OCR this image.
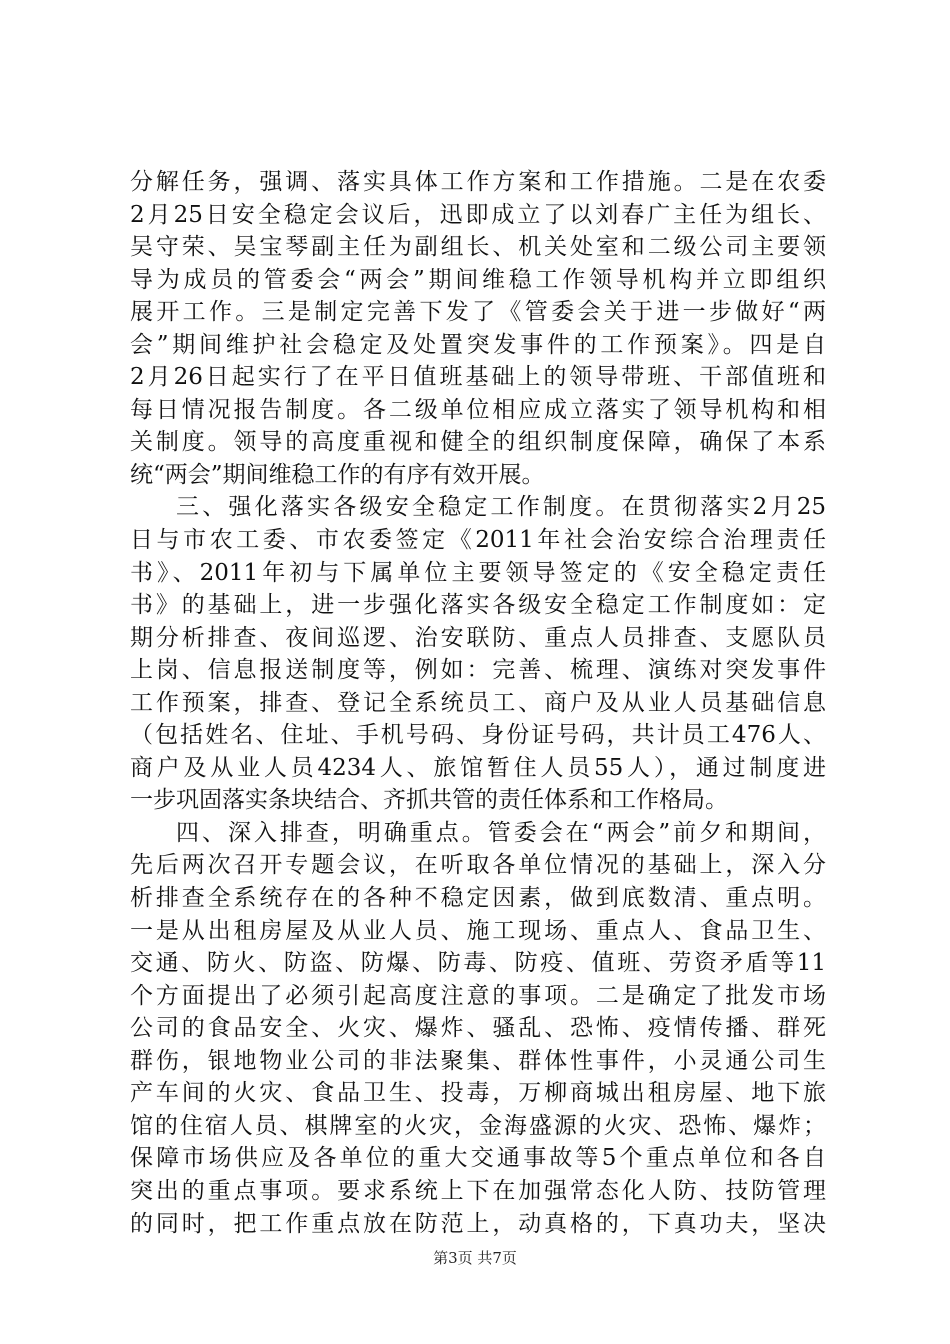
分解任务，强调、落实具体工作方案和工作措施。二是在农委
2月25日安全稳定会议后，迅即成立了以刘春广主任为组长、
吴守荣、吴宝琴副主任为副组长、机关处室和二级公司主要领
导为成员的管委会“两会”期间维稳工作领导机构并立即组织
展开工作。三是制定完善下发了《管委会关于进一步做好“两
会”期间维护社会稳定及处置突发事件的工作预案》。四是自
2月26日起实行了在平日值班基础上的领导带班、干部值班和
每日情况报告制度。各二级单位相应成立落实了领导机构和相
关制度。领导的高度重视和健全的组织制度保障，确保了本系
统“两会”期间维稳工作的有序有效开展。
三、强化落实各级安全稳定工作制度。在贯彻落实2月25
日与市农工委、市农委签定《2011年社会治安综合治理责任
书》、2011年初与下属单位主要领导签定的《安全稳定责任
书》的基础上，进一步强化落实各级安全稳定工作制度如：定
期分析排查、夜间巡逻、治安联防、重点人员排查、支愿队员
上岗、信息报送制度等，例如：完善、梳理、演练对突发事件
工作预案，排查、登记全系统员工、商户及从业人员基础信息
（包括姓名、住址、手机号码、身份证号码，共计员工476人、
商户及从业人员4234人、旅馆暂住人员55人），通过制度进
一步巩固落实条块结合、齐抓共管的责任体系和工作格局。
四、深入排查，明确重点。管委会在“两会”前夕和期间，
先后两次召开专题会议，在听取各单位情况的基础上，深入分
析排查全系统存在的各种不稳定因素，做到底数清、重点明。
一是从出租房屋及从业人员、施工现场、重点人、食品卫生、
交通、防火、防盗、防爆、防毒、防疫、值班、劳资矛盾等11
个方面提出了必须引起高度注意的事项。二是确定了批发市场
公司的食品安全、火灾、爆炸、骚乱、恐怖、疫情传播、群死
群伤，银地物业公司的非法聚集、群体性事件，小灵通公司生
产车间的火灾、食品卫生、投毒，万柳商城出租房屋、地下旅
馆的住宿人员、棋牌室的火灾，金海盛源的火灾、恐怖、爆炸；
保障市场供应及各单位的重大交通事故等5个重点单位和各自
突出的重点事项。要求系统上下在加强常态化人防、技防管理
的同时，把工作重点放在防范上，动真格的，下真功夫，坚决
第3页 共7页
